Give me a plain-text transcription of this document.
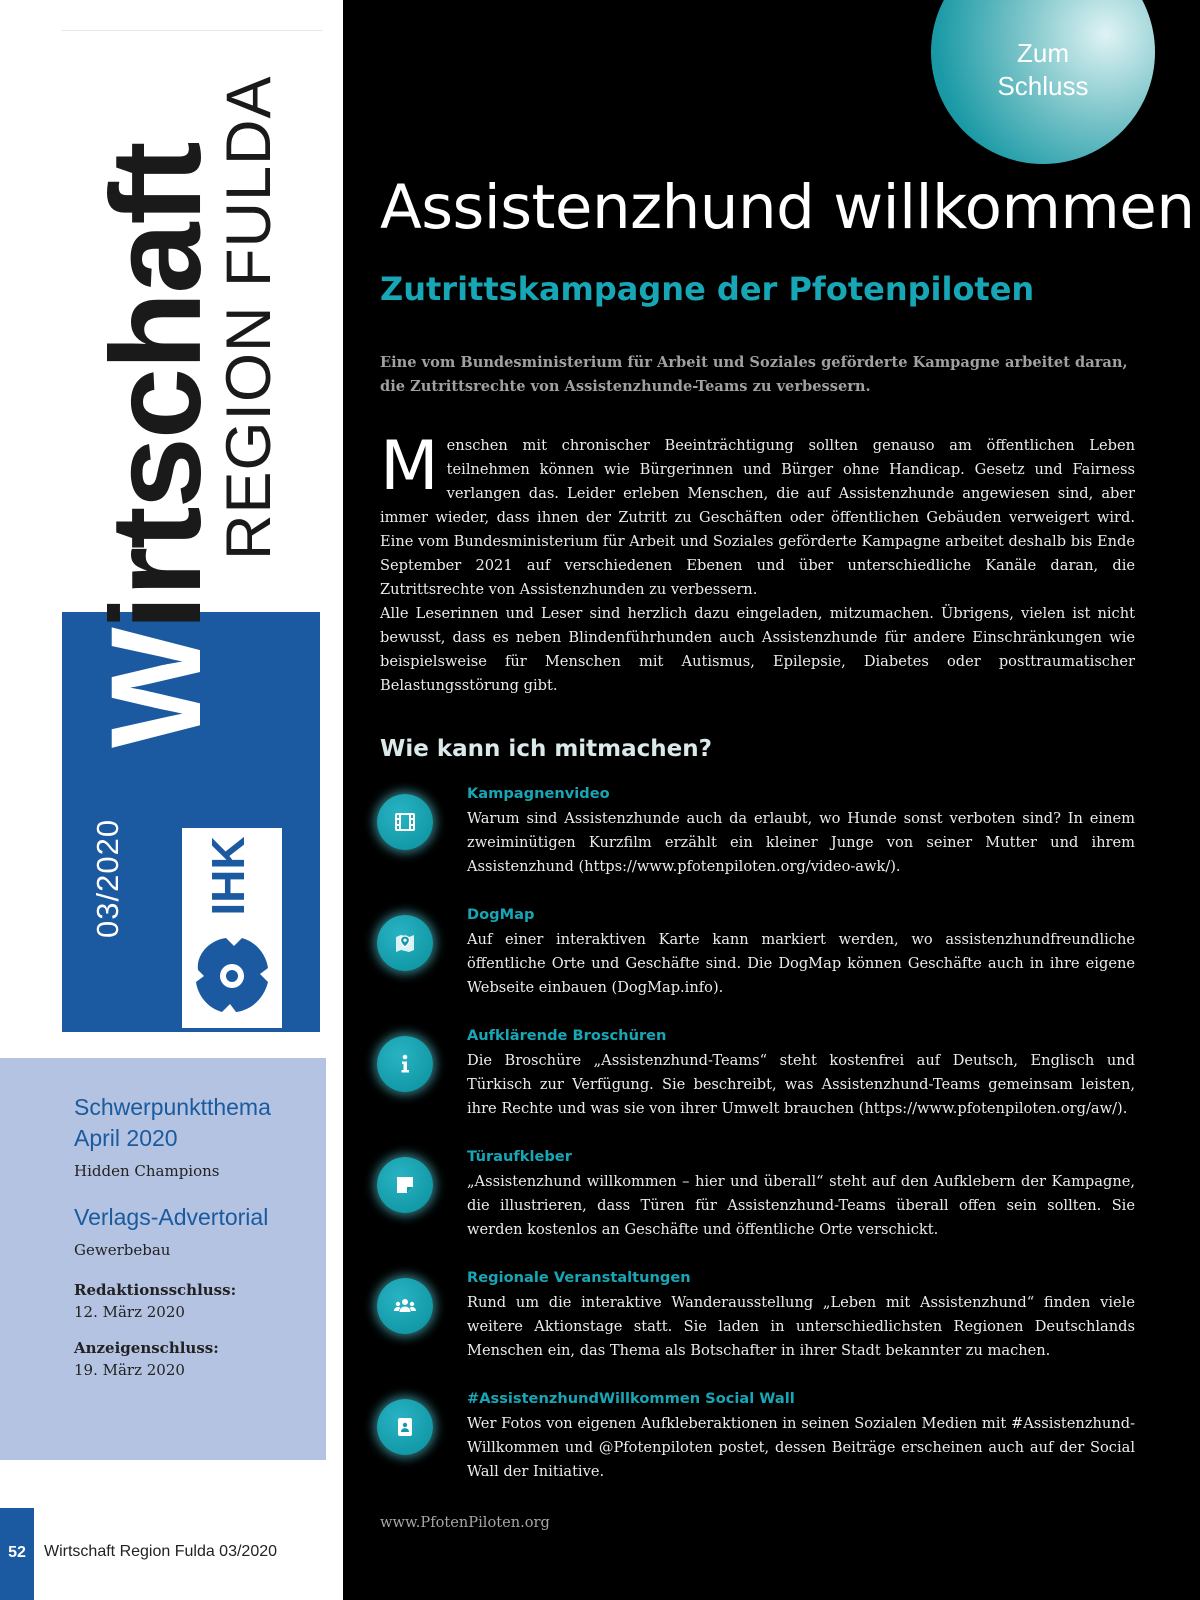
Wirtschaft
REGION FULDA
03/2020 IHK
Schwerpunktthema
April 2020
Hidden Champions
Verlags-Advertorial
Gewerbebau
Redaktionsschluss:
12. März 2020
Anzeigenschluss:
19. März 2020
52	Wirtschaft Region Fulda 03/2020
Zum
Schluss
Assistenzhund willkommen
Zutrittskampagne der Pfotenpiloten

Eine vom Bundesministerium für Arbeit und Soziales geförderte Kampagne arbeitet daran, die Zutrittsrechte von Assistenzhunde-Teams zu verbessern.

Menschen mit chronischer Beeinträchtigung sollten genauso am öffentlichen Leben teilnehmen können wie Bürgerinnen und Bürger ohne Handicap. Gesetz und Fairness verlangen das. Leider erleben Menschen, die auf Assistenzhunde angewiesen sind, aber immer wieder, dass ihnen der Zutritt zu Geschäften oder öffentlichen Gebäuden verweigert wird. Eine vom Bundesministerium für Arbeit und Soziales geförderte Kampagne arbeitet deshalb bis Ende September 2021 auf verschiedenen Ebenen und über unterschiedliche Kanäle daran, die Zutrittsrechte von Assistenzhunden zu verbessern.

Alle Leserinnen und Leser sind herzlich dazu eingeladen, mitzumachen. Übrigens, vielen ist nicht bewusst, dass es neben Blindenführhunden auch Assistenzhunde für andere Einschränkungen wie beispielsweise für Menschen mit Autismus, Epilepsie, Diabetes oder posttraumatischer Belastungsstörung gibt.

Wie kann ich mitmachen?
Kampagnenvideo

Warum sind Assistenzhunde auch da erlaubt, wo Hunde sonst verboten sind? In einem zweiminütigen Kurzfilm erzählt ein kleiner Junge von seiner Mutter und ihrem Assistenzhund (https://www.pfotenpiloten.org/video-awk/).

DogMap

Auf einer interaktiven Karte kann markiert werden, wo assistenzhundfreundliche öffentliche Orte und Geschäfte sind. Die DogMap können Geschäfte auch in ihre eigene Webseite einbauen (DogMap.info).

Aufklärende Broschüren

Die Broschüre „Assistenzhund-Teams“ steht kostenfrei auf Deutsch, Englisch und Türkisch zur Verfügung. Sie beschreibt, was Assistenzhund-Teams gemeinsam leisten, ihre Rechte und was sie von ihrer Umwelt brauchen (https://www.pfotenpiloten.org/aw/).

Türaufkleber

„Assistenzhund willkommen – hier und überall“ steht auf den Aufklebern der Kampagne, die illustrieren, dass Türen für Assistenzhund-Teams überall offen sein sollten. Sie werden kostenlos an Geschäfte und öffentliche Orte verschickt.

Regionale Veranstaltungen

Rund um die interaktive Wanderausstellung „Leben mit Assistenzhund“ finden viele weitere Aktionstage statt. Sie laden in unterschiedlichsten Regionen Deutschlands Menschen ein, das Thema als Botschafter in ihrer Stadt bekannter zu machen.

#AssistenzhundWillkommen Social Wall

Wer Fotos von eigenen Aufkleberaktionen in seinen Sozialen Medien mit #Assistenzhund-Willkommen und @Pfotenpiloten postet, dessen Beiträge erscheinen auch auf der Social Wall der Initiative.

www.PfotenPiloten.org
